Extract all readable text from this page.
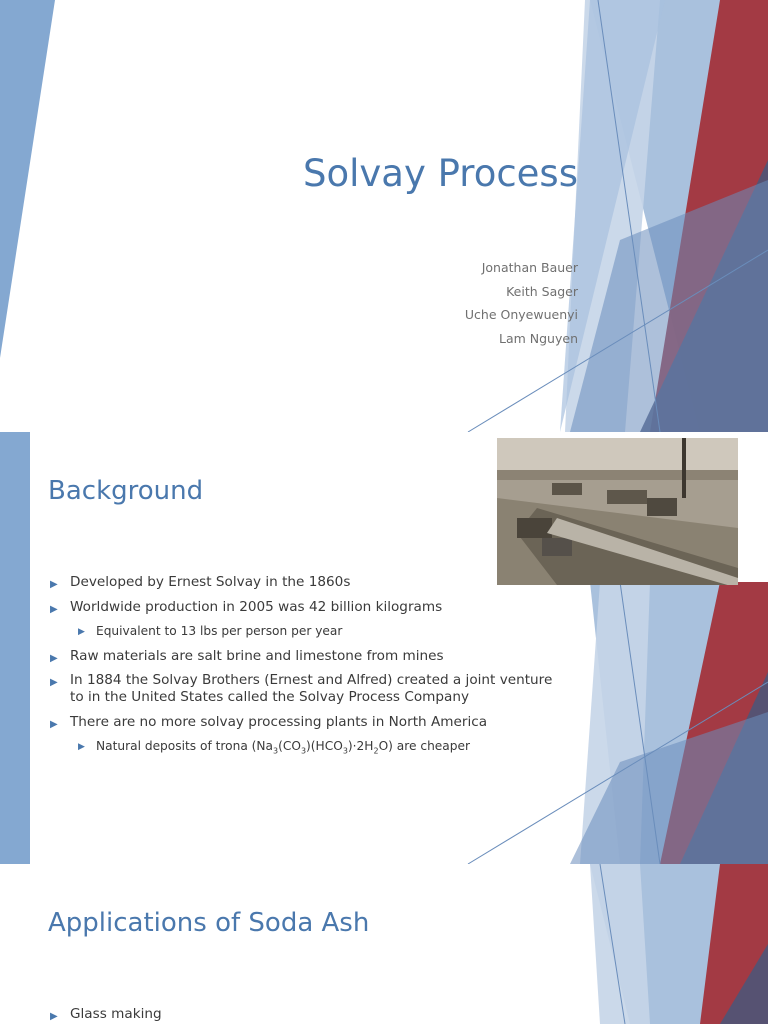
Solvay Process
Jonathan Bauer
Keith Sager
Uche Onyewuenyi
Lam Nguyen
Background
▶ Developed by Ernest Solvay in the 1860s
▶ Worldwide production in 2005 was 42 billion kilograms
▶ Equivalent to 13 lbs per person per year
▶ Raw materials are salt brine and limestone from mines
▶ In 1884 the Solvay Brothers (Ernest and Alfred) created a joint venture to in the United States called the Solvay Process Company
▶ There are no more solvay processing plants in North America
▶ Natural deposits of trona $(Na_3(CO_3)(HCO_3)\cdot 2H_2O)$ are cheaper
Applications of Soda Ash
▶ Glass making
